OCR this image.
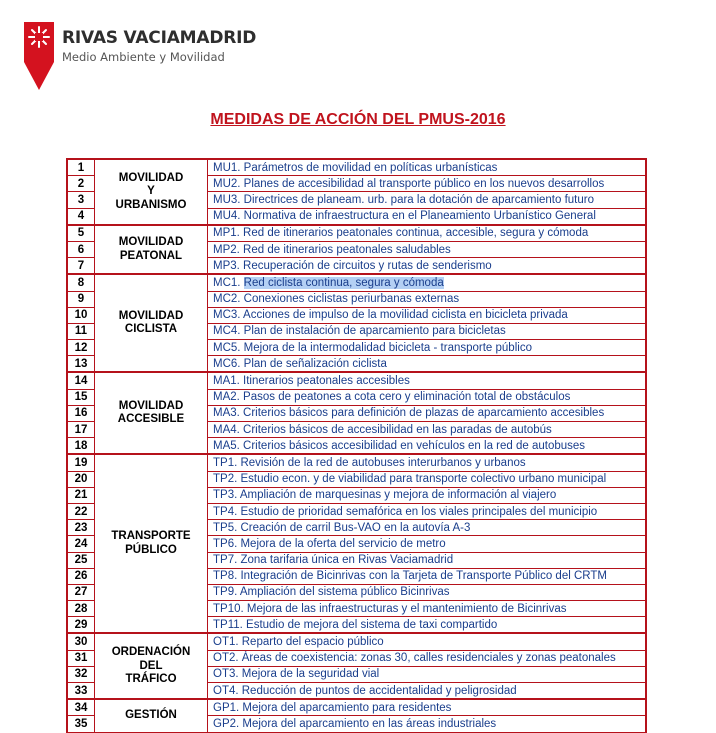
RIVAS VACIAMADRID
Medio Ambiente y Movilidad
MEDIDAS DE ACCIÓN DEL PMUS-2016
1	MOVILIDAD
Y
URBANISMO	MU1. Parámetros de movilidad en políticas urbanísticas
2		MU2. Planes de accesibilidad al transporte público en los nuevos desarrollos
3		MU3. Directrices de planeam. urb. para la dotación de aparcamiento futuro
4		MU4. Normativa de infraestructura en el Planeamiento Urbanístico General
5	MOVILIDAD
PEATONAL	MP1. Red de itinerarios peatonales continua, accesible, segura y cómoda
6		MP2. Red de itinerarios peatonales saludables
7		MP3. Recuperación de circuitos y rutas de senderismo
8	MOVILIDAD
CICLISTA	MC1. Red ciclista continua, segura y cómoda
9		MC2. Conexiones ciclistas periurbanas externas
10		MC3. Acciones de impulso de la movilidad ciclista en bicicleta privada
11		MC4. Plan de instalación de aparcamiento para bicicletas
12		MC5. Mejora de la intermodalidad bicicleta - transporte público
13		MC6. Plan de señalización ciclista
14	MOVILIDAD
ACCESIBLE	MA1. Itinerarios peatonales accesibles
15		MA2. Pasos de peatones a cota cero y eliminación total de obstáculos
16		MA3. Criterios básicos para definición de plazas de aparcamiento accesibles
17		MA4. Criterios básicos de accesibilidad en las paradas de autobús
18		MA5. Criterios básicos accesibilidad en vehículos en la red de autobuses
19	TRANSPORTE
PÚBLICO	TP1. Revisión de la red de autobuses interurbanos y urbanos
20		TP2. Estudio econ. y de viabilidad para transporte colectivo urbano municipal
21		TP3. Ampliación de marquesinas y mejora de información al viajero
22		TP4. Estudio de prioridad semafórica en los viales principales del municipio
23		TP5. Creación de carril Bus-VAO en la autovía A-3
24		TP6. Mejora de la oferta del servicio de metro
25		TP7. Zona tarifaria única en Rivas Vaciamadrid
26		TP8. Integración de Bicinrivas con la Tarjeta de Transporte Público del CRTM
27		TP9. Ampliación del sistema público Bicinrivas
28		TP10. Mejora de las infraestructuras y el mantenimiento de Bicinrivas
29		TP11. Estudio de mejora del sistema de taxi compartido
30	ORDENACIÓN
DEL
TRÁFICO	OT1. Reparto del espacio público
31		OT2. Áreas de coexistencia: zonas 30, calles residenciales y zonas peatonales
32		OT3. Mejora de la seguridad vial
33		OT4. Reducción de puntos de accidentalidad y peligrosidad
34	GESTIÓN	GP1. Mejora del aparcamiento para residentes
35		GP2. Mejora del aparcamiento en las áreas industriales
